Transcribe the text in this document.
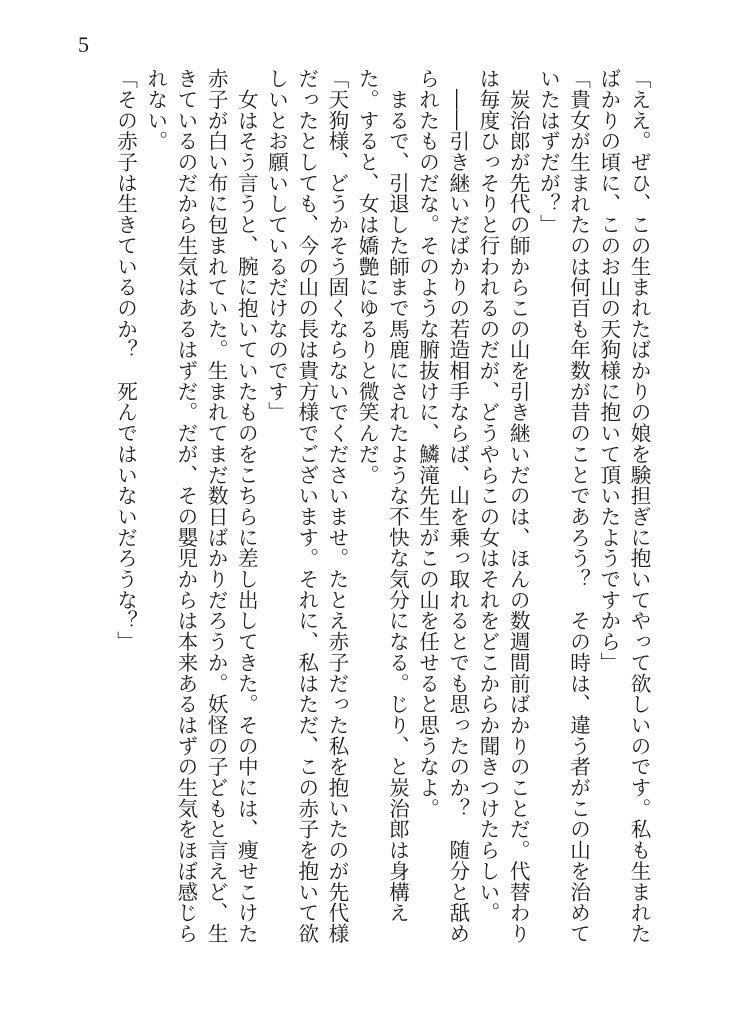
5

「ええ。ぜひ、この生まれたばかりの娘を験担ぎに抱いてやって欲しいのです。私も生まれたばかりの頃に、このお山の天狗様に抱いて頂いたようですから」

「貴女が生まれたのは何百も年数が昔のことであろう？　その時は、違う者がこの山を治めていたはずだが？」

　炭治郎が先代の師からこの山を引き継いだのは、ほんの数週間前ばかりのことだ。代替わりは毎度ひっそりと行われるのだが、どうやらこの女はそれをどこからか聞きつけたらしい。

　――引き継いだばかりの若造相手ならば、山を乗っ取れるとでも思ったのか？　随分と舐められたものだな。そのような腑抜けに、鱗滝先生がこの山を任せると思うなよ。

　まるで、引退した師まで馬鹿にされたような不快な気分になる。じり、と炭治郎は身構えた。すると、女は嬌艶にゆるりと微笑んだ。

「天狗様、どうかそう固くならないでくださいませ。たとえ赤子だった私を抱いたのが先代様だったとしても、今の山の長は貴方様でございます。それに、私はただ、この赤子を抱いて欲しいとお願いしているだけなのです」

　女はそう言うと、腕に抱いていたものをこちらに差し出してきた。その中には、痩せこけた赤子が白い布に包まれていた。生まれてまだ数日ばかりだろうか。妖怪の子どもと言えど、生きているのだから生気はあるはずだ。だが、その嬰児からは本来あるはずの生気をほぼ感じられない。

「その赤子は生きているのか？　死んではいないだろうな？」
